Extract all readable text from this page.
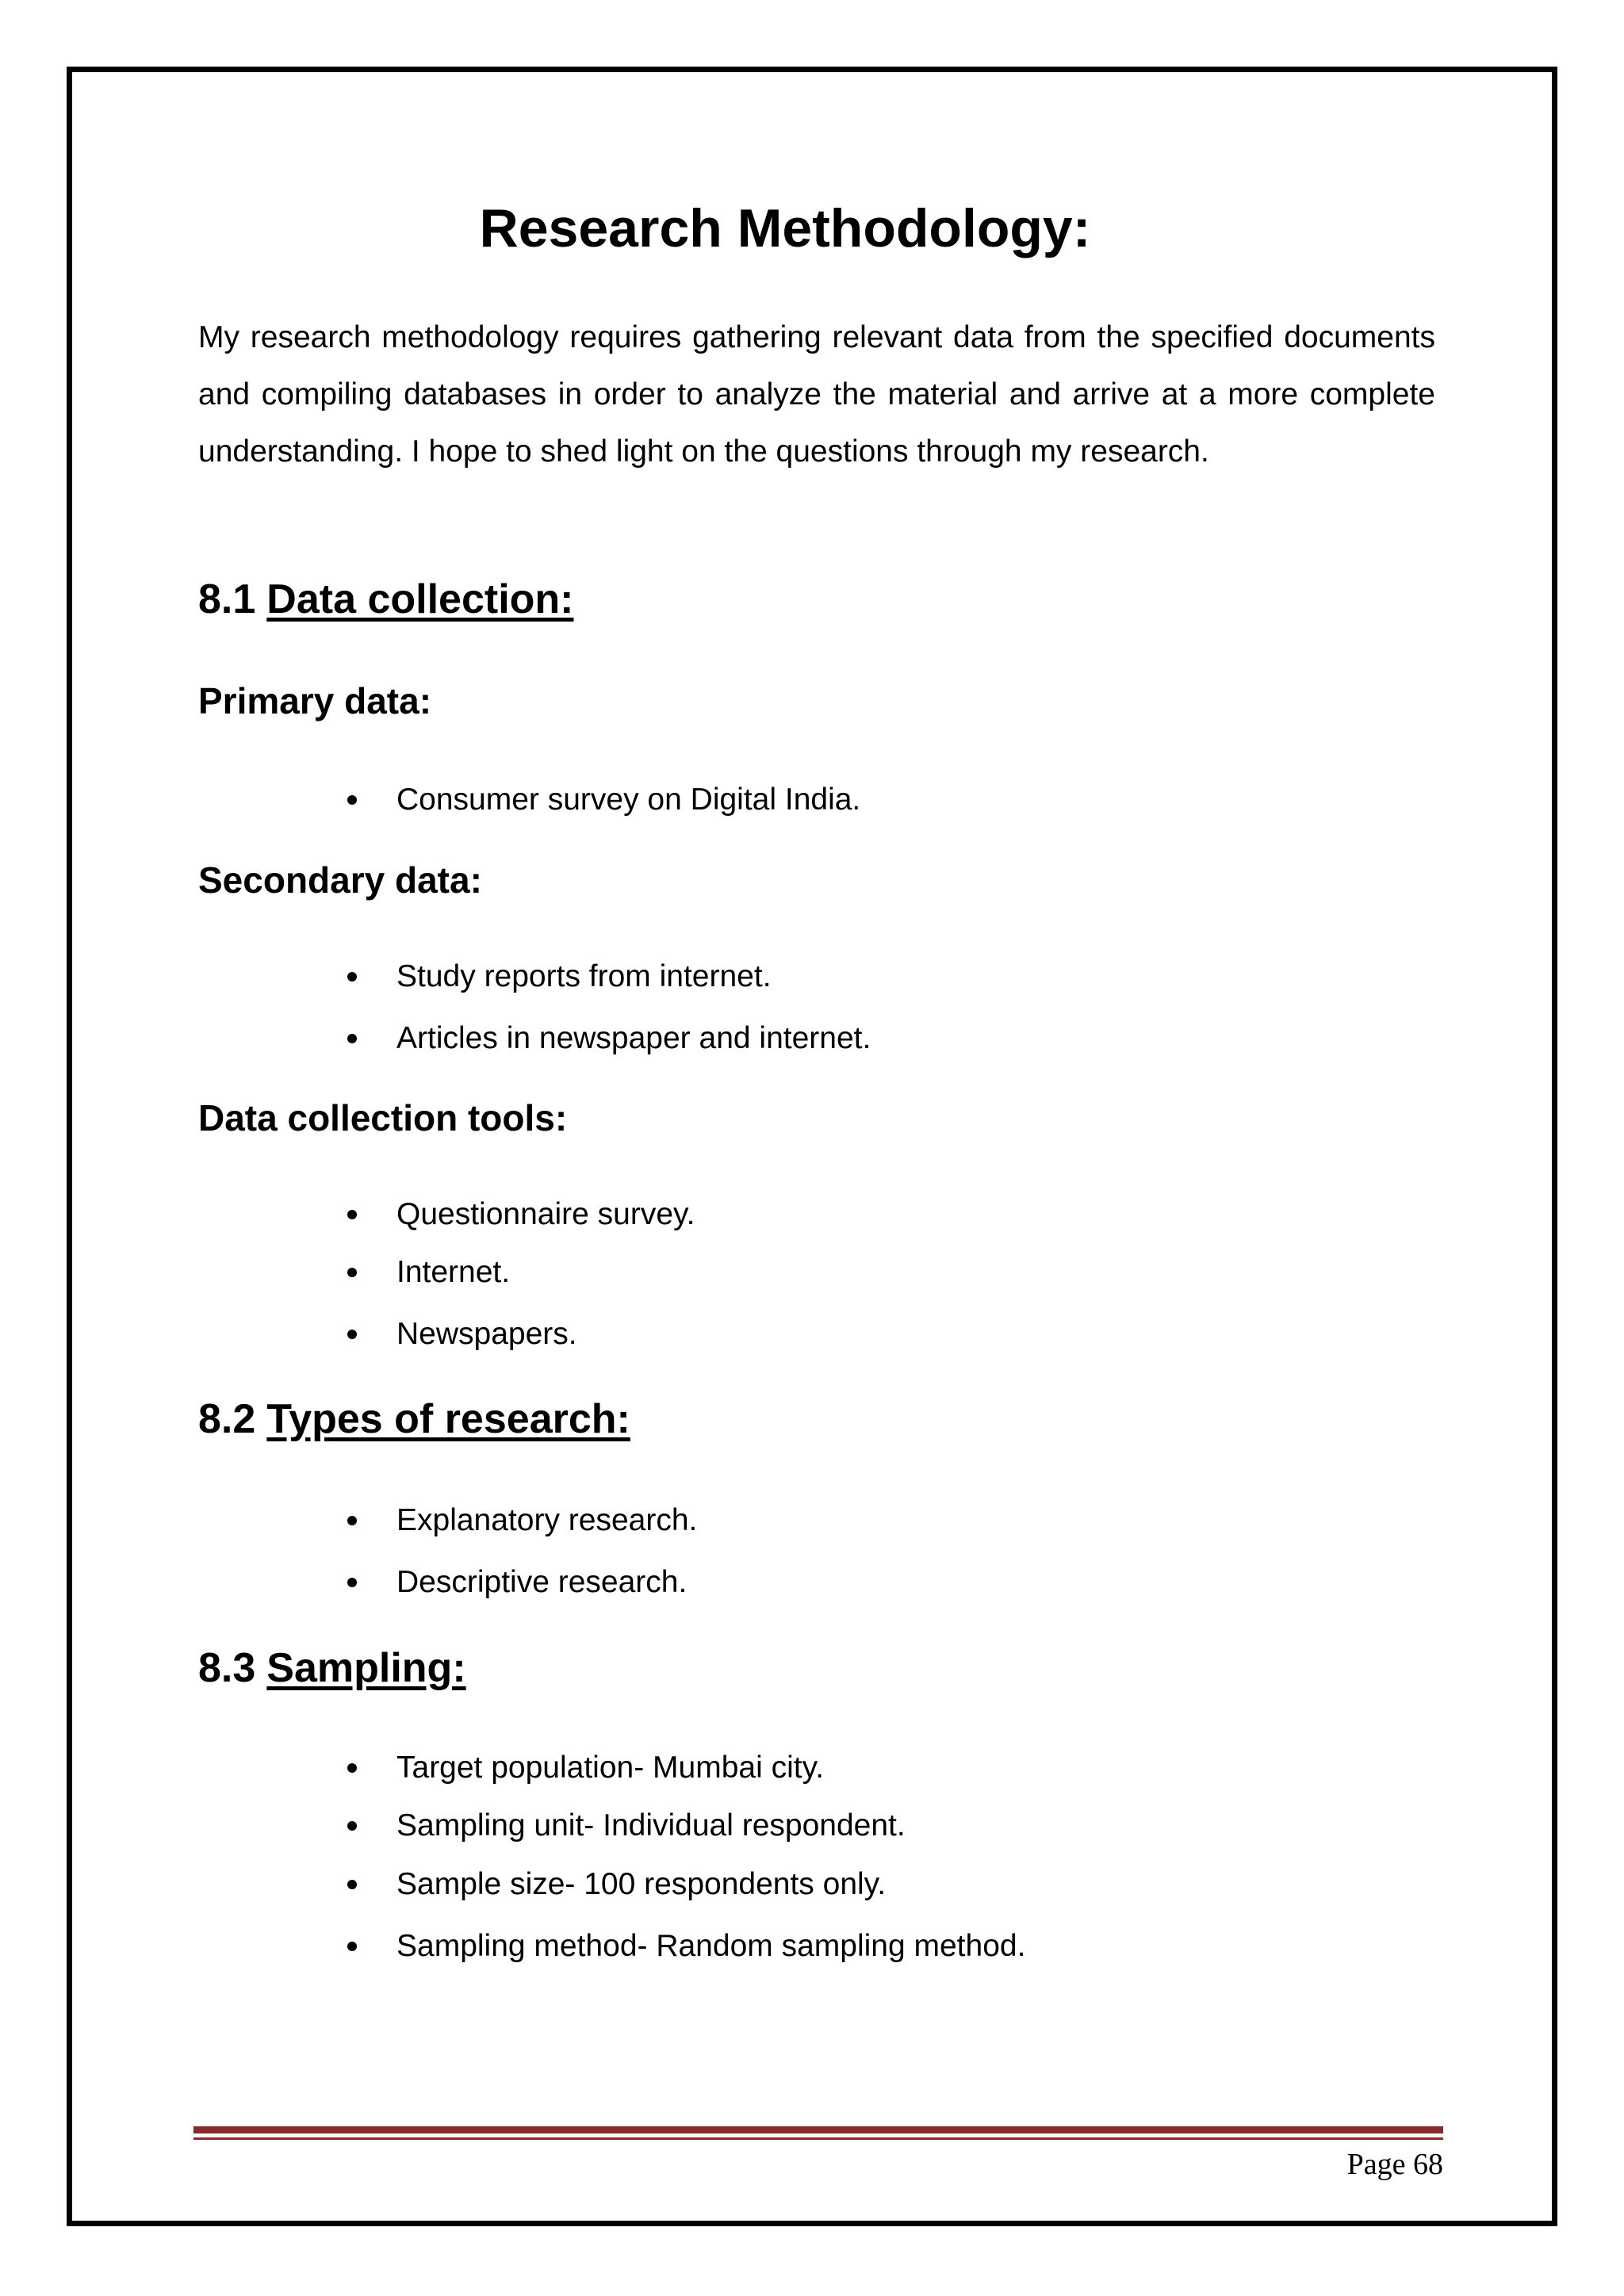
Research Methodology:

My research methodology requires gathering relevant data from the specified documents and compiling databases in order to analyze the material and arrive at a more complete understanding. I hope to shed light on the questions through my research.

8.1 Data collection:
Primary data:
Consumer survey on Digital India.
Secondary data:
Study reports from internet.
Articles in newspaper and internet.
Data collection tools:
Questionnaire survey.
Internet.
Newspapers.
8.2 Types of research:
Explanatory research.
Descriptive research.
8.3 Sampling:
Target population- Mumbai city.
Sampling unit- Individual respondent.
Sample size- 100 respondents only.
Sampling method- Random sampling method.
Page 68
